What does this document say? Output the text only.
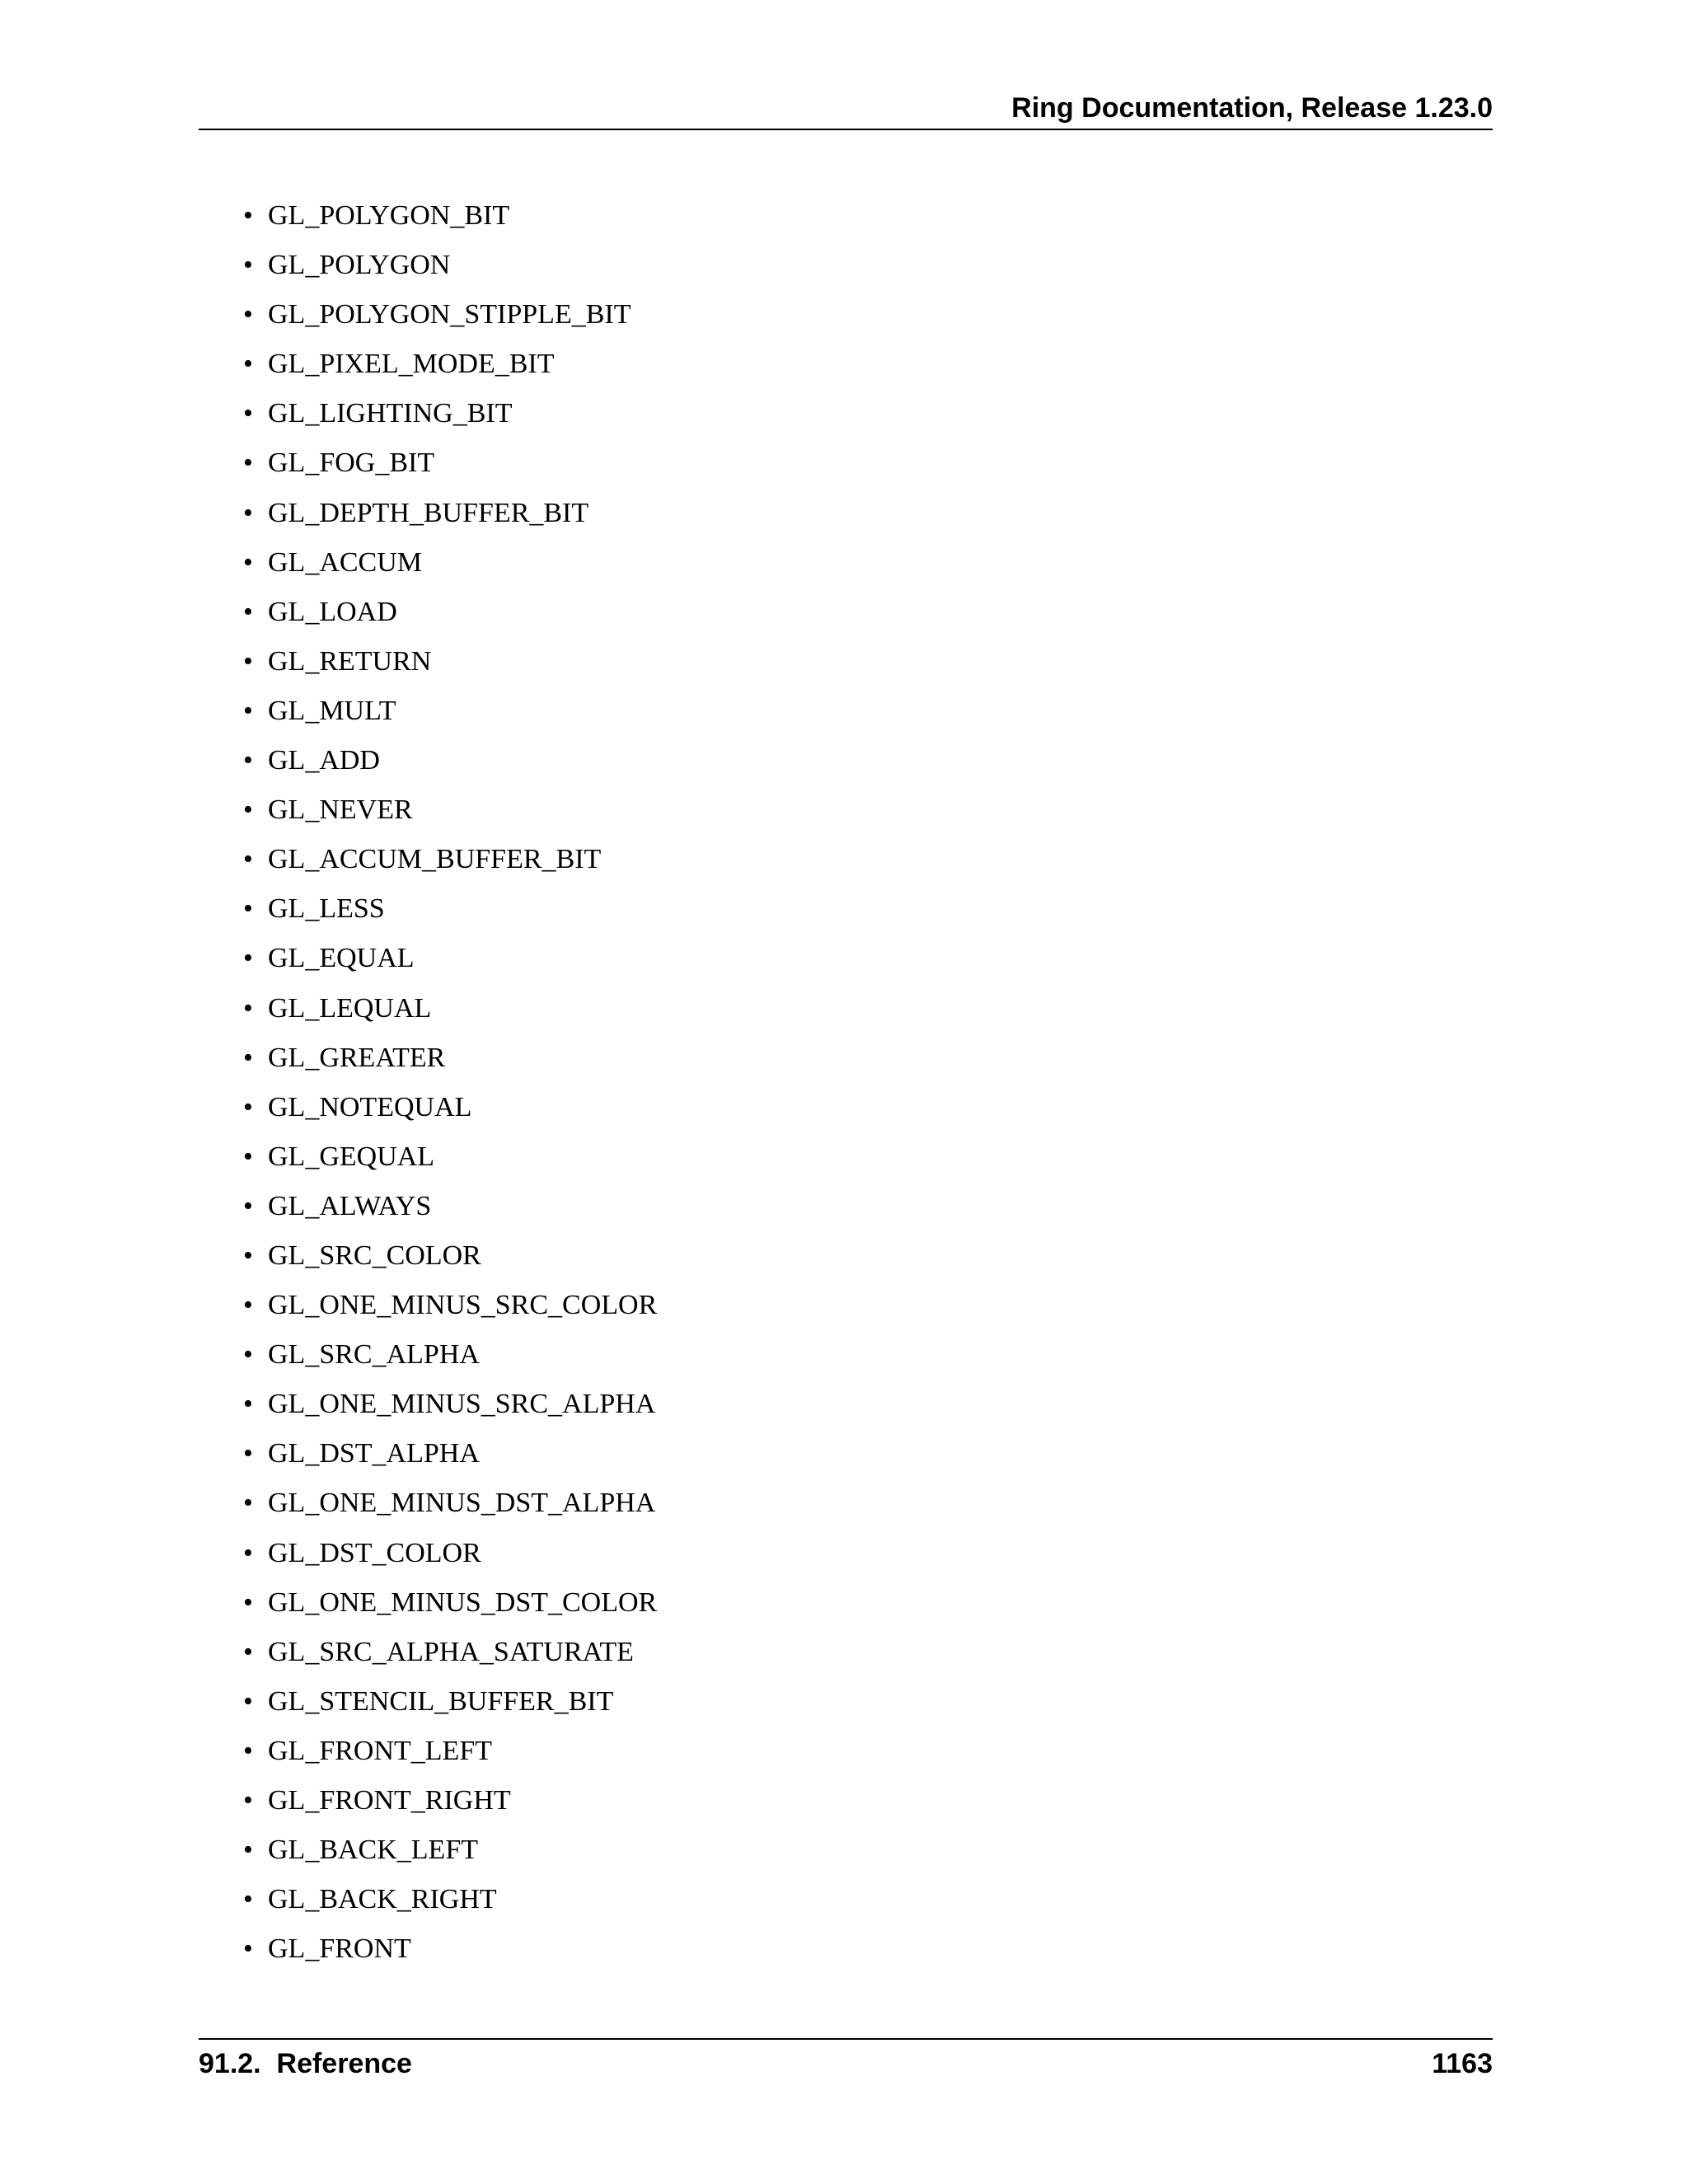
Ring Documentation, Release 1.23.0
• GL_POLYGON_BIT
• GL_POLYGON
• GL_POLYGON_STIPPLE_BIT
• GL_PIXEL_MODE_BIT
• GL_LIGHTING_BIT
• GL_FOG_BIT
• GL_DEPTH_BUFFER_BIT
• GL_ACCUM
• GL_LOAD
• GL_RETURN
• GL_MULT
• GL_ADD
• GL_NEVER
• GL_ACCUM_BUFFER_BIT
• GL_LESS
• GL_EQUAL
• GL_LEQUAL
• GL_GREATER
• GL_NOTEQUAL
• GL_GEQUAL
• GL_ALWAYS
• GL_SRC_COLOR
• GL_ONE_MINUS_SRC_COLOR
• GL_SRC_ALPHA
• GL_ONE_MINUS_SRC_ALPHA
• GL_DST_ALPHA
• GL_ONE_MINUS_DST_ALPHA
• GL_DST_COLOR
• GL_ONE_MINUS_DST_COLOR
• GL_SRC_ALPHA_SATURATE
• GL_STENCIL_BUFFER_BIT
• GL_FRONT_LEFT
• GL_FRONT_RIGHT
• GL_BACK_LEFT
• GL_BACK_RIGHT
• GL_FRONT
91.2.  Reference	1163
